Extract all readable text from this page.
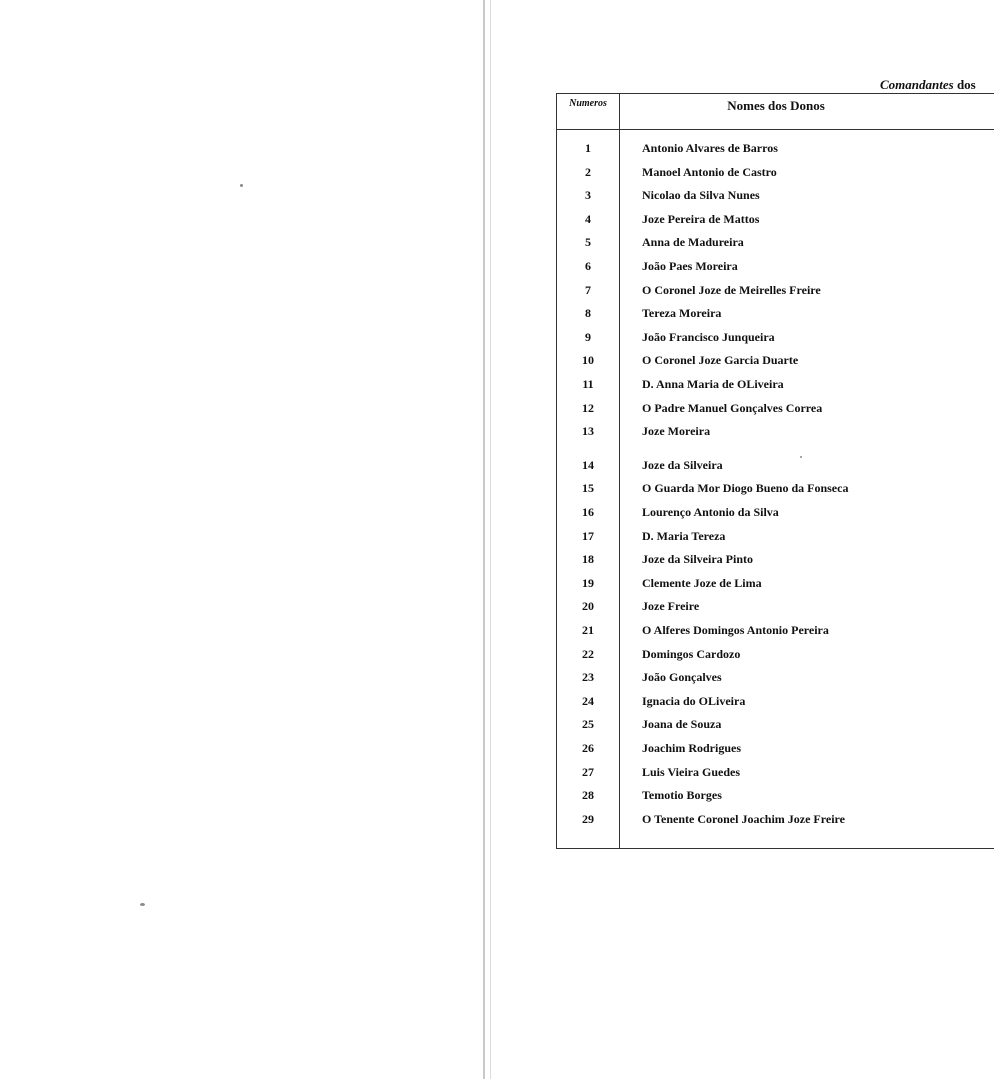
Comandantes dos
Numeros	Nomes dos Donos
1	Antonio Alvares de Barros
2	Manoel Antonio de Castro
3	Nicolao da Silva Nunes
4	Joze Pereira de Mattos
5	Anna de Madureira
6	João Paes Moreira
7	O Coronel Joze de Meirelles Freire
8	Tereza Moreira
9	João Francisco Junqueira
10	O Coronel Joze Garcia Duarte
11	D. Anna Maria de OLiveira
12	O Padre Manuel Gonçalves Correa
13	Joze Moreira
14	Joze da Silveira
15	O Guarda Mor Diogo Bueno da Fonseca
16	Lourenço Antonio da Silva
17	D. Maria Tereza
18	Joze da Silveira Pinto
19	Clemente Joze de Lima
20	Joze Freire
21	O Alferes Domingos Antonio Pereira
22	Domingos Cardozo
23	João Gonçalves
24	Ignacia do OLiveira
25	Joana de Souza
26	Joachim Rodrigues
27	Luis Vieira Guedes
28	Temotio Borges
29	O Tenente Coronel Joachim Joze Freire
